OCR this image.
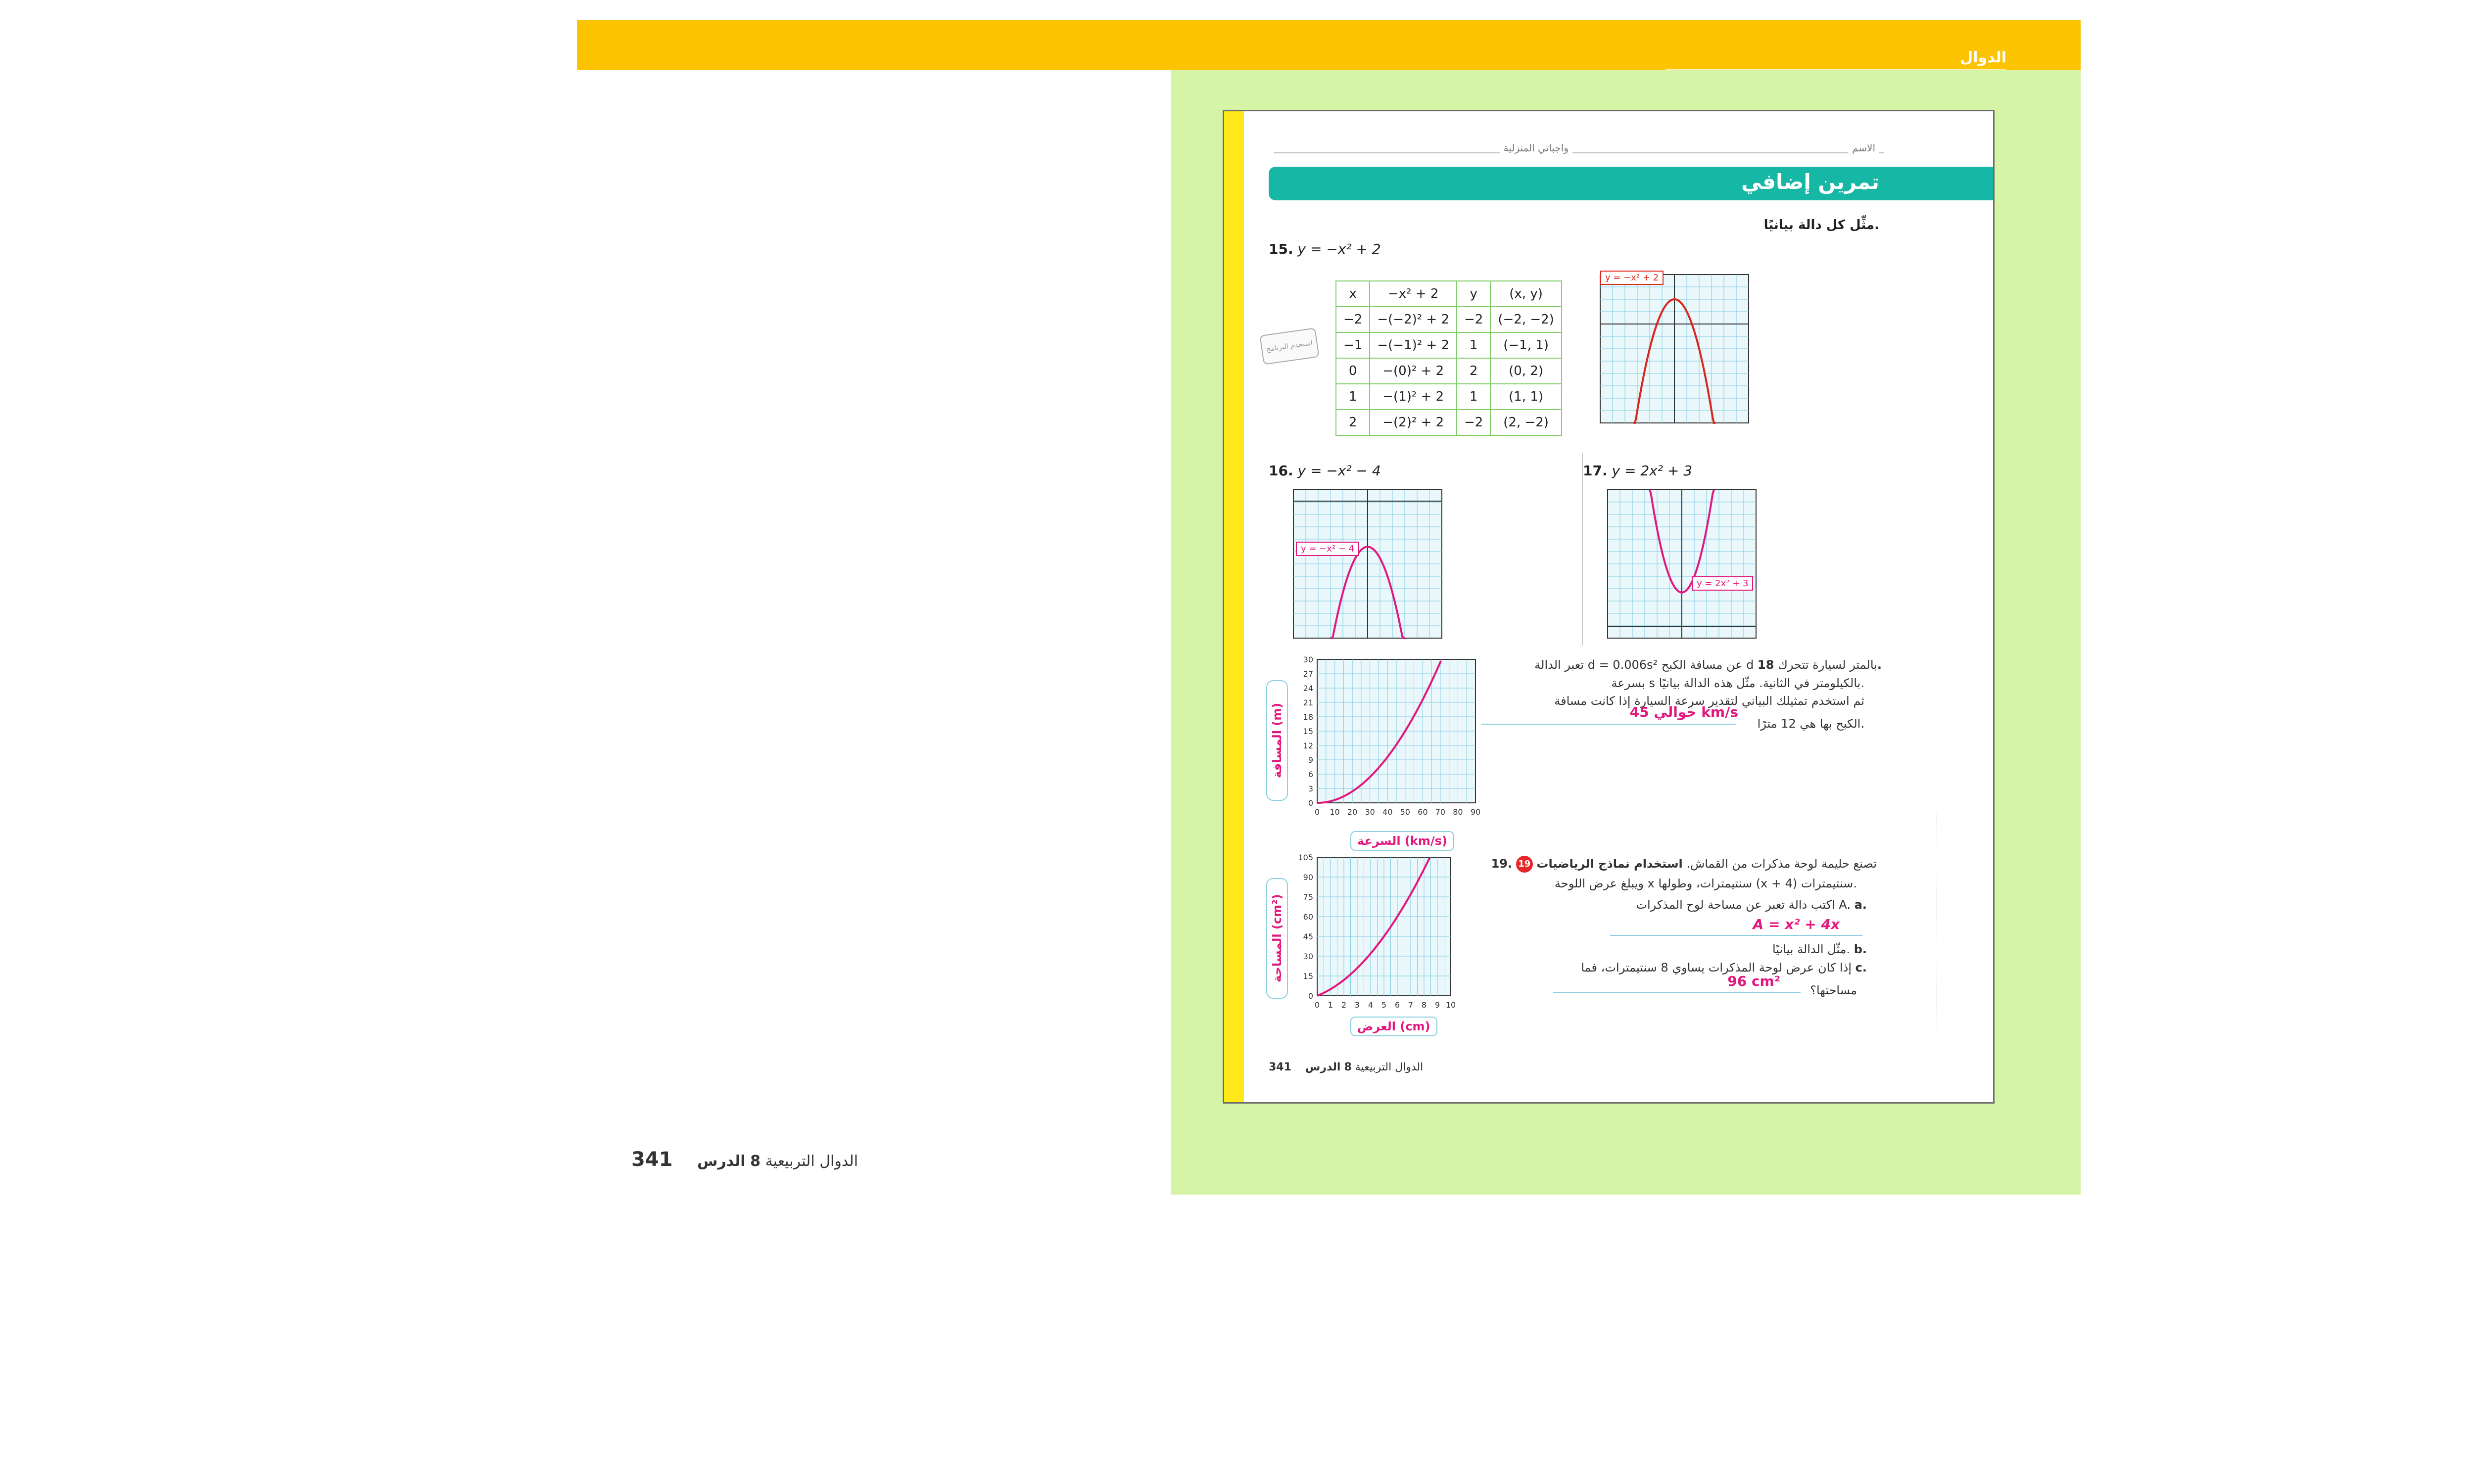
الدوال
341	الدوال التربيعية 8 الدرس
الاسم
واجباتي المنزلية
تمرين إضافي
مثِّل كل دالة بيانيًا.
15. y = −x² + 2
استخدم البرنامج
x	−x² + 2	y	(x, y)
−2	−(−2)² + 2	−2	(−2, −2)
−1	−(−1)² + 2	1	(−1, 1)
0	−(0)² + 2	2	(0, 2)
1	−(1)² + 2	1	(1, 1)
2	−(2)² + 2	−2	(2, −2)
y = −x² + 2
16. y = −x² − 4
y = −x² − 4
17. y = 2x² + 3
y = 2x² + 3
تعبر الدالة d = 0.006s² عن مسافة الكبح d بالمتر لسيارة تتحرك 18.
بسرعة s بالكيلومتر في الثانية. مثّل هذه الدالة بيانيًا.
ثم استخدم تمثيلك البياني لتقدير سرعة السيارة إذا كانت مسافة
الكبح بها هي 12 مترًا.
حوالي 45 km/s
0
3
6
9
12
15
18
21
24
27
30
0 10 20 30 40 50 60 70 80 90
المسافة (m)
السرعة (km/s)
تصنع حليمة لوحة مذكرات من القماش. استخدام نماذج الرياضيات 19 .19
ويبلغ عرض اللوحة x سنتيمترات، وطولها (x + 4) سنتيمترات.
اكتب دالة تعبر عن مساحة لوح المذكرات A. a.
A = x² + 4x
مثّل الدالة بيانيًا. b.
إذا كان عرض لوحة المذكرات يساوي 8 سنتيمترات، فما c.
مساحتها؟
96 cm²
0
15
30
45
60
75
90
105
0 1 2 3 4 5 6 7 8 9 10
المساحة (cm²)
العرض (cm)
341	الدوال التربيعية 8 الدرس
